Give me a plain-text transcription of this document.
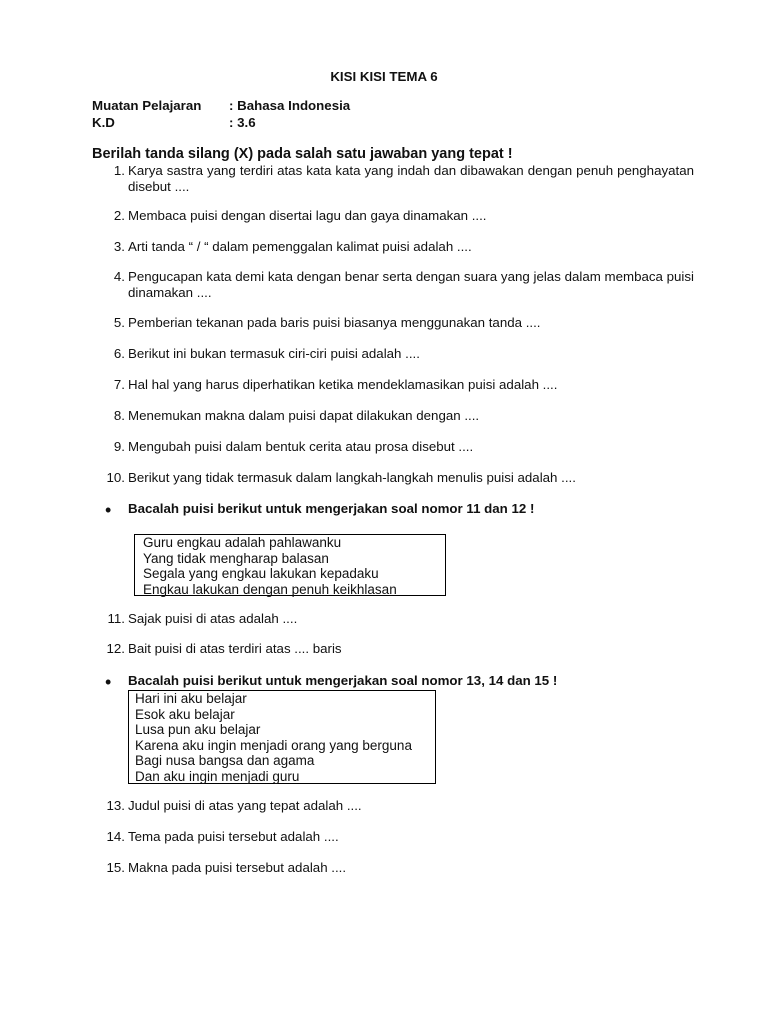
KISI KISI TEMA 6
Muatan Pelajaran : Bahasa Indonesia
K.D	: 3.6
Berilah tanda silang (X) pada salah satu jawaban yang tepat !
1. Karya sastra yang terdiri atas kata kata yang indah dan dibawakan dengan penuh penghayatan disebut ....
2. Membaca puisi dengan disertai lagu dan gaya dinamakan ....
3. Arti tanda “ / “ dalam pemenggalan kalimat puisi adalah ....
4. Pengucapan kata demi kata dengan benar serta dengan suara yang jelas dalam membaca puisi dinamakan ....
5. Pemberian tekanan pada baris puisi biasanya menggunakan tanda ....
6. Berikut ini bukan termasuk ciri-ciri puisi adalah ....
7. Hal hal yang harus diperhatikan ketika mendeklamasikan puisi adalah ....
8. Menemukan makna dalam puisi dapat dilakukan dengan ....
9. Mengubah puisi dalam bentuk cerita atau prosa disebut ....
10. Berikut yang tidak termasuk dalam langkah-langkah menulis puisi adalah ....
11. Sajak puisi di atas adalah ....
12. Bait puisi di atas terdiri atas .... baris
13. Judul puisi di atas yang tepat adalah ....
14. Tema pada puisi tersebut adalah ....
15. Makna pada puisi tersebut adalah ....
• Bacalah puisi berikut untuk mengerjakan soal nomor 11 dan 12 !
Guru engkau adalah pahlawanku
Yang tidak mengharap balasan
Segala yang engkau lakukan kepadaku
Engkau lakukan dengan penuh keikhlasan
• Bacalah puisi berikut untuk mengerjakan soal nomor 13, 14 dan 15 !
Hari ini aku belajar
Esok aku belajar
Lusa pun aku belajar
Karena aku ingin menjadi orang yang berguna
Bagi nusa bangsa dan agama
Dan aku ingin menjadi guru
